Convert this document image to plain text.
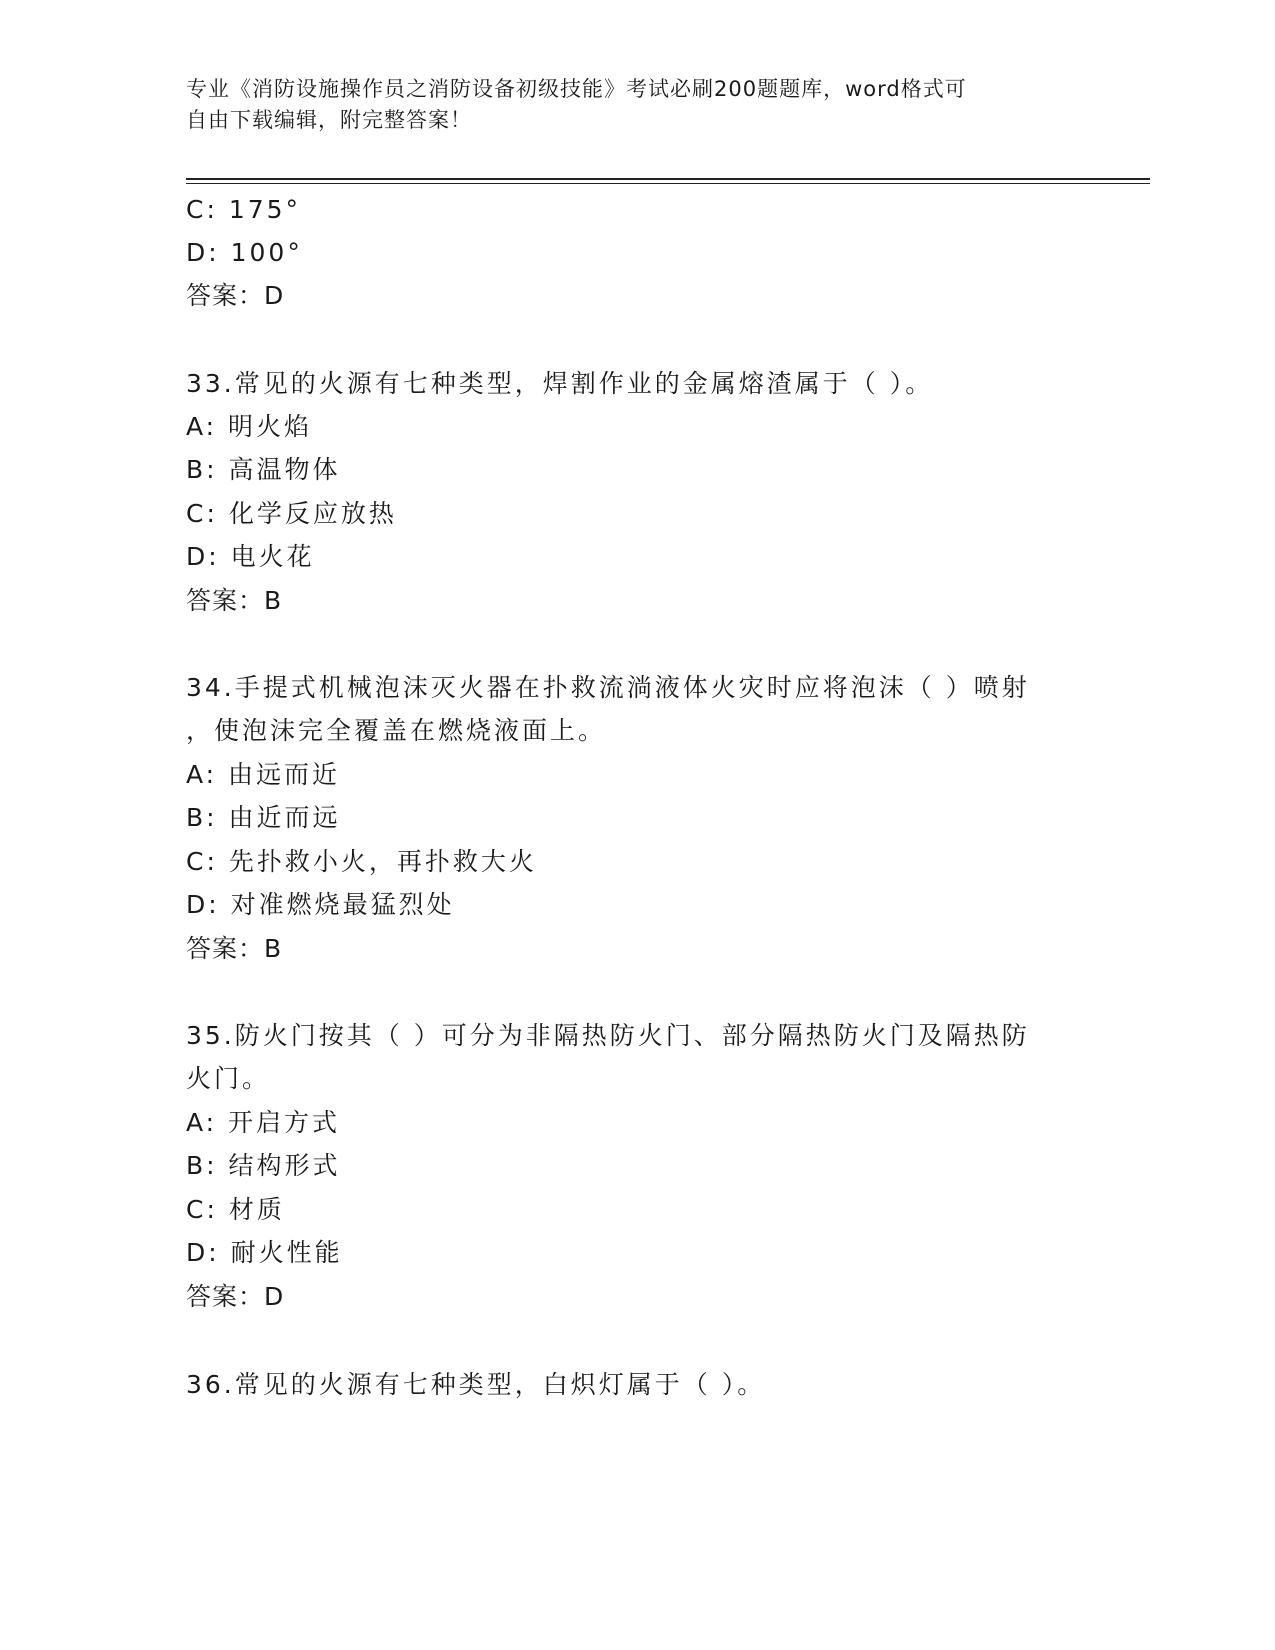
专业《消防设施操作员之消防设备初级技能》考试必刷200题题库，word格式可
自由下载编辑，附完整答案！
C: 175°
D: 100°
答案：D
33.常见的火源有七种类型，焊割作业的金属熔渣属于（ ）。
A: 明火焰
B: 高温物体
C: 化学反应放热
D: 电火花
答案：B
34.手提式机械泡沫灭火器在扑救流淌液体火灾时应将泡沫（ ）喷射
，使泡沫完全覆盖在燃烧液面上。
A: 由远而近
B: 由近而远
C: 先扑救小火，再扑救大火
D: 对准燃烧最猛烈处
答案：B
35.防火门按其（ ）可分为非隔热防火门、部分隔热防火门及隔热防
火门。
A: 开启方式
B: 结构形式
C: 材质
D: 耐火性能
答案：D
36.常见的火源有七种类型，白炽灯属于（ ）。
